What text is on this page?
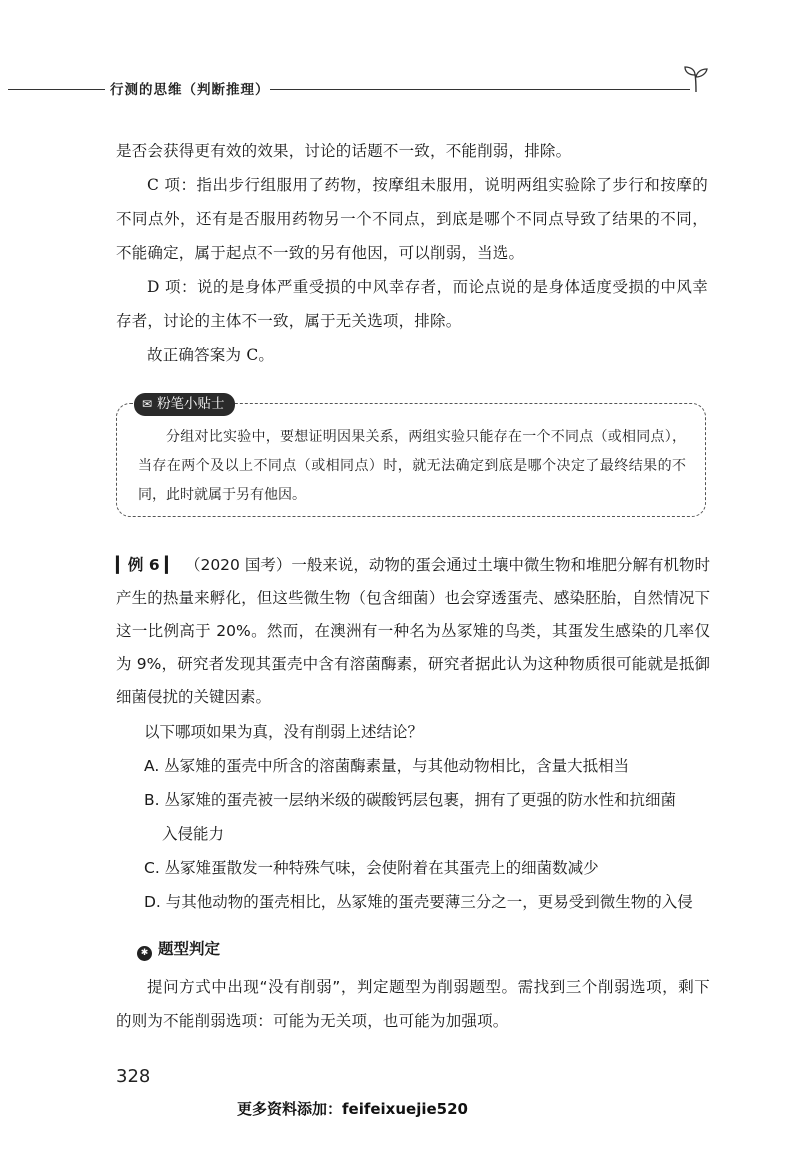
行测的思维（判断推理）

是否会获得更有效的效果，讨论的话题不一致，不能削弱，排除。

C 项：指出步行组服用了药物，按摩组未服用，说明两组实验除了步行和按摩的不同点外，还有是否服用药物另一个不同点，到底是哪个不同点导致了结果的不同，不能确定，属于起点不一致的另有他因，可以削弱，当选。

D 项：说的是身体严重受损的中风幸存者，而论点说的是身体适度受损的中风幸存者，讨论的主体不一致，属于无关选项，排除。

故正确答案为 C。

✉ 粉笔小贴士
分组对比实验中，要想证明因果关系，两组实验只能存在一个不同点（或相同点），当存在两个及以上不同点（或相同点）时，就无法确定到底是哪个决定了最终结果的不同，此时就属于另有他因。

▎例 6 ▎ （2020 国考）一般来说，动物的蛋会通过土壤中微生物和堆肥分解有机物时产生的热量来孵化，但这些微生物（包含细菌）也会穿透蛋壳、感染胚胎，自然情况下这一比例高于 20%。然而，在澳洲有一种名为丛冢雉的鸟类，其蛋发生感染的几率仅为 9%，研究者发现其蛋壳中含有溶菌酶素，研究者据此认为这种物质很可能就是抵御细菌侵扰的关键因素。

以下哪项如果为真，没有削弱上述结论？

A. 丛冢雉的蛋壳中所含的溶菌酶素量，与其他动物相比，含量大抵相当

B. 丛冢雉的蛋壳被一层纳米级的碳酸钙层包裹，拥有了更强的防水性和抗细菌

入侵能力

C. 丛冢雉蛋散发一种特殊气味，会使附着在其蛋壳上的细菌数减少

D. 与其他动物的蛋壳相比，丛冢雉的蛋壳要薄三分之一，更易受到微生物的入侵

✱ 题型判定

提问方式中出现“没有削弱”，判定题型为削弱题型。需找到三个削弱选项，剩下的则为不能削弱选项：可能为无关项，也可能为加强项。

328
更多资料添加：feifeixuejie520
